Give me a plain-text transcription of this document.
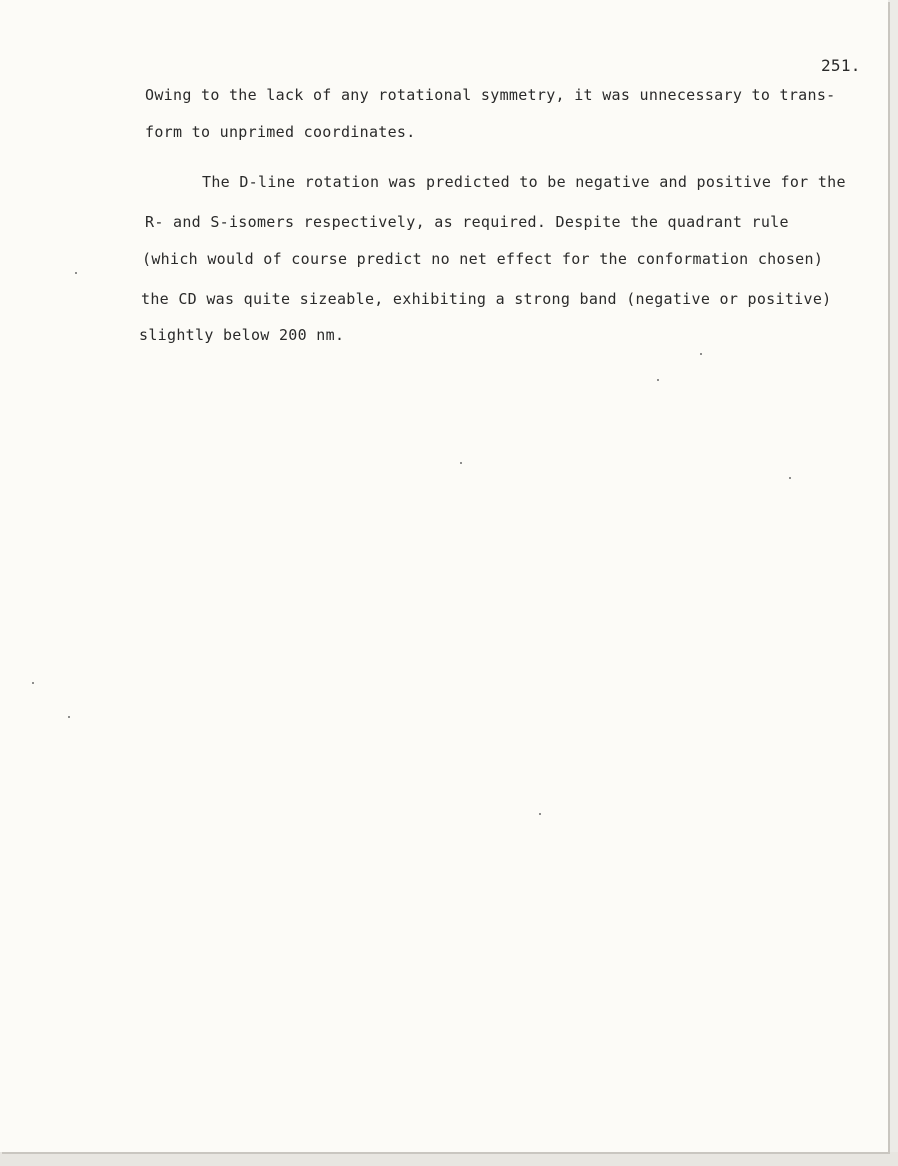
251.
Owing to the lack of any rotational symmetry, it was unnecessary to trans-
form to unprimed coordinates.
The D-line rotation was predicted to be negative and positive for the
R- and S-isomers respectively, as required. Despite the quadrant rule
(which would of course predict no net effect for the conformation chosen)
the CD was quite sizeable, exhibiting a strong band (negative or positive)
slightly below 200 nm.
